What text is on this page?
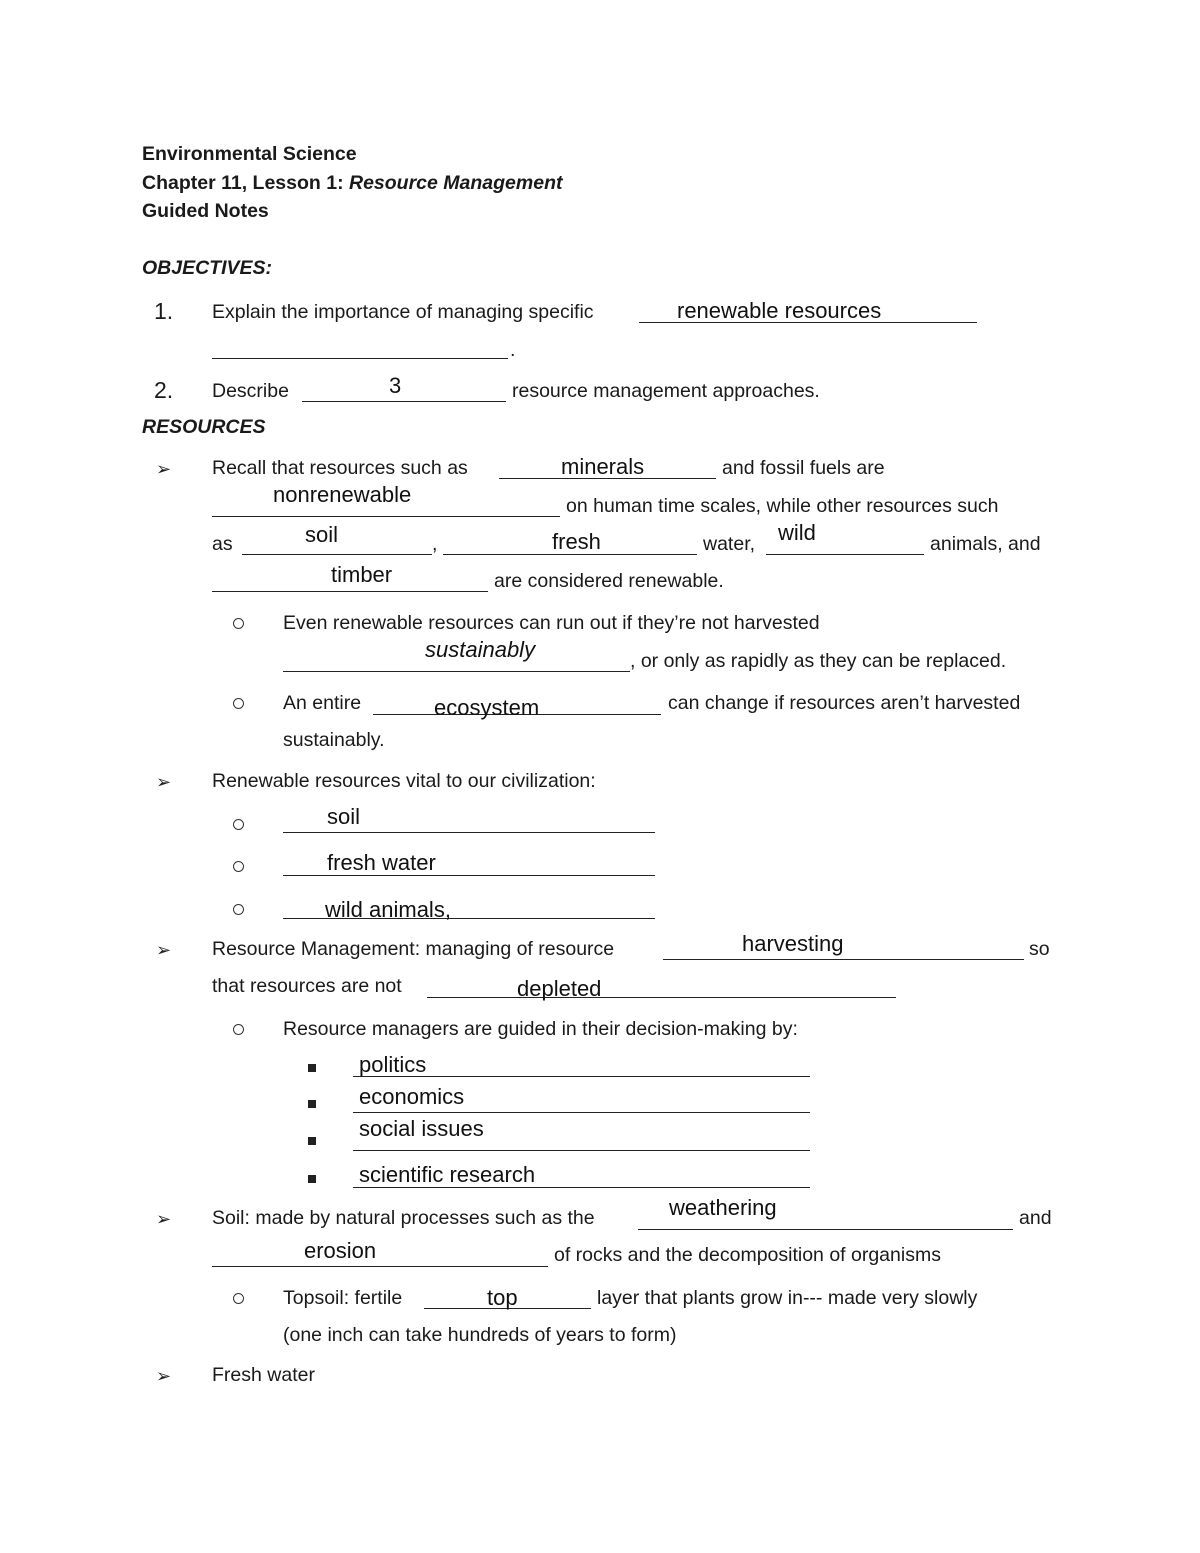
Environmental Science
Chapter 11, Lesson 1: Resource Management
Guided Notes
OBJECTIVES:
1. Explain the importance of managing specific	renewable resources
.
2. Describe	3	resource management approaches.
RESOURCES
➢ Recall that resources such as	minerals	and fossil fuels are
nonrenewable	on human time scales, while other resources such
as	soil	,	fresh	water, wild	animals, and
timber	are considered renewable.
Even renewable resources can run out if they’re not harvested
sustainably	, or only as rapidly as they can be replaced.
An entire	ecosystem	can change if resources aren’t harvested
sustainably.
➢ Renewable resources vital to our civilization:
soil
fresh water
wild animals,
➢ Resource Management: managing of resource	harvesting	so
that resources are not	depleted
Resource managers are guided in their decision-making by:
politics
economics
social issues
scientific research
➢ Soil: made by natural processes such as the	weathering	and
erosion	of rocks and the decomposition of organisms
Topsoil: fertile	top	layer that plants grow in--- made very slowly
(one inch can take hundreds of years to form)
➢ Fresh water
